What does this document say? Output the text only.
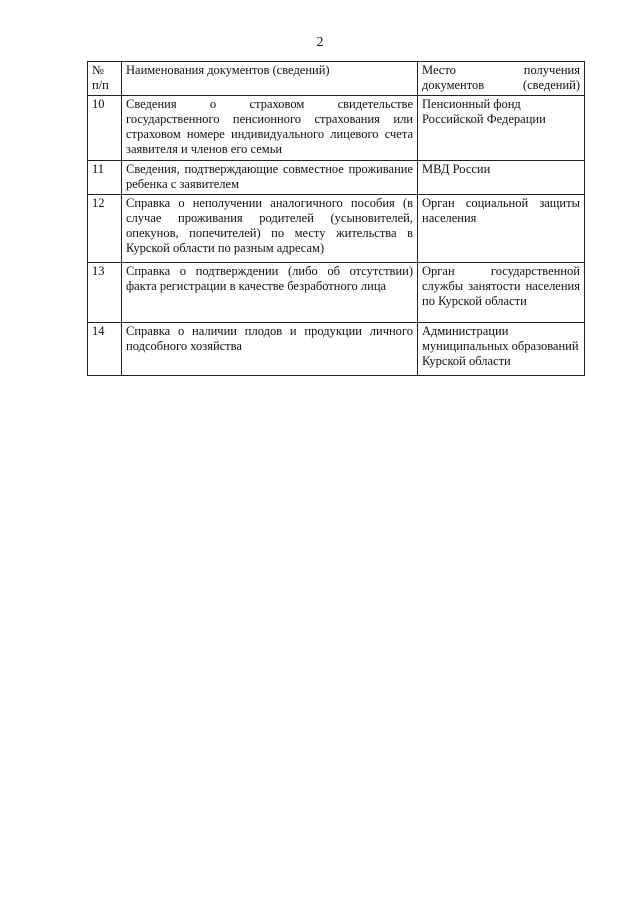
2
№ п/п	Наименования документов (сведений)	Место получения документов (сведений)
10	Сведения о страховом свидетельстве государственного пенсионного страхования или страховом номере индивидуального лицевого счета заявителя и членов его семьи	Пенсионный фонд Российской Федерации
11	Сведения, подтверждающие совместное проживание ребенка с заявителем	МВД России
12	Справка о неполучении аналогичного пособия (в случае проживания родителей (усыновителей, опекунов, попечителей) по месту жительства в Курской области по разным адресам)	Орган социальной защиты населения
13	Справка о подтверждении (либо об отсутствии) факта регистрации в качестве безработного лица	Орган государственной службы занятости населения по Курской области
14	Справка о наличии плодов и продукции личного подсобного хозяйства	Администрации муниципальных образований Курской области
